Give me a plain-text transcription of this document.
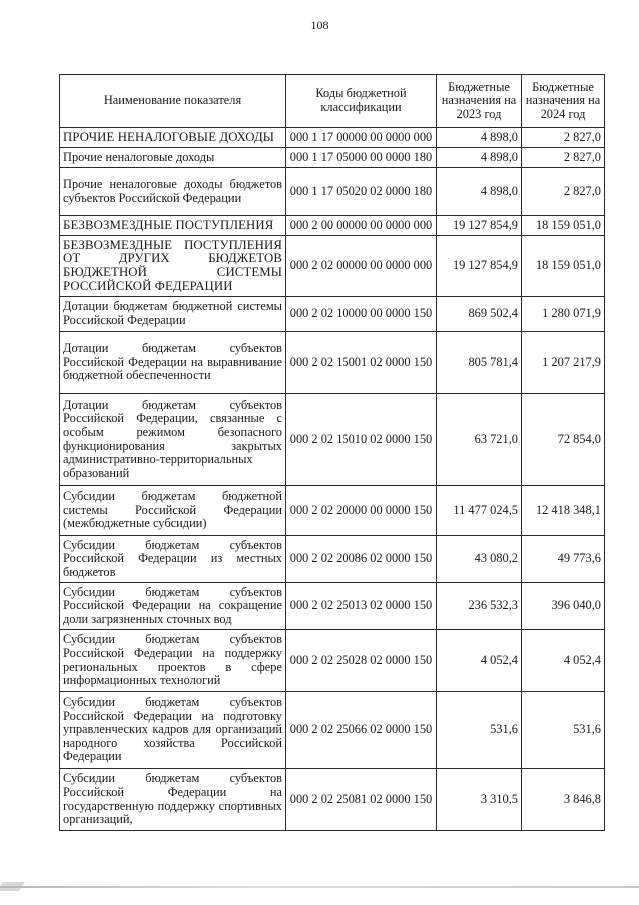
108
Наименование показателя	Коды бюджетной классификации	Бюджетные назначения на 2023 год	Бюджетные назначения на 2024 год
ПРОЧИЕ НЕНАЛОГОВЫЕ ДОХОДЫ	000 1 17 00000 00 0000 000	4 898,0	2 827,0
Прочие неналоговые доходы	000 1 17 05000 00 0000 180	4 898,0	2 827,0
Прочие неналоговые доходы бюджетов субъектов Российской Федерации	000 1 17 05020 02 0000 180	4 898,0	2 827,0
БЕЗВОЗМЕЗДНЫЕ ПОСТУПЛЕНИЯ	000 2 00 00000 00 0000 000	19 127 854,9	18 159 051,0
БЕЗВОЗМЕЗДНЫЕ ПОСТУПЛЕНИЯ ОТ ДРУГИХ БЮДЖЕТОВ БЮДЖЕТНОЙ СИСТЕМЫ РОССИЙСКОЙ ФЕДЕРАЦИИ	000 2 02 00000 00 0000 000	19 127 854,9	18 159 051,0
Дотации бюджетам бюджетной системы Российской Федерации	000 2 02 10000 00 0000 150	869 502,4	1 280 071,9
Дотации бюджетам субъектов Российской Федерации на выравнивание бюджетной обеспеченности	000 2 02 15001 02 0000 150	805 781,4	1 207 217,9
Дотации бюджетам субъектов Российской Федерации, связанные с особым режимом безопасного функционирования закрытых административно-территориальных образований	000 2 02 15010 02 0000 150	63 721,0	72 854,0
Субсидии бюджетам бюджетной системы Российской Федерации (межбюджетные субсидии)	000 2 02 20000 00 0000 150	11 477 024,5	12 418 348,1
Субсидии бюджетам субъектов Российской Федерации из местных бюджетов	000 2 02 20086 02 0000 150	43 080,2	49 773,6
Субсидии бюджетам субъектов Российской Федерации на сокращение доли загрязненных сточных вод	000 2 02 25013 02 0000 150	236 532,3	396 040,0
Субсидии бюджетам субъектов Российской Федерации на поддержку региональных проектов в сфере информационных технологий	000 2 02 25028 02 0000 150	4 052,4	4 052,4
Субсидии бюджетам субъектов Российской Федерации на подготовку управленческих кадров для организаций народного хозяйства Российской Федерации	000 2 02 25066 02 0000 150	531,6	531,6
Субсидии бюджетам субъектов Российской Федерации на государственную поддержку спортивных организаций,	000 2 02 25081 02 0000 150	3 310,5	3 846,8
